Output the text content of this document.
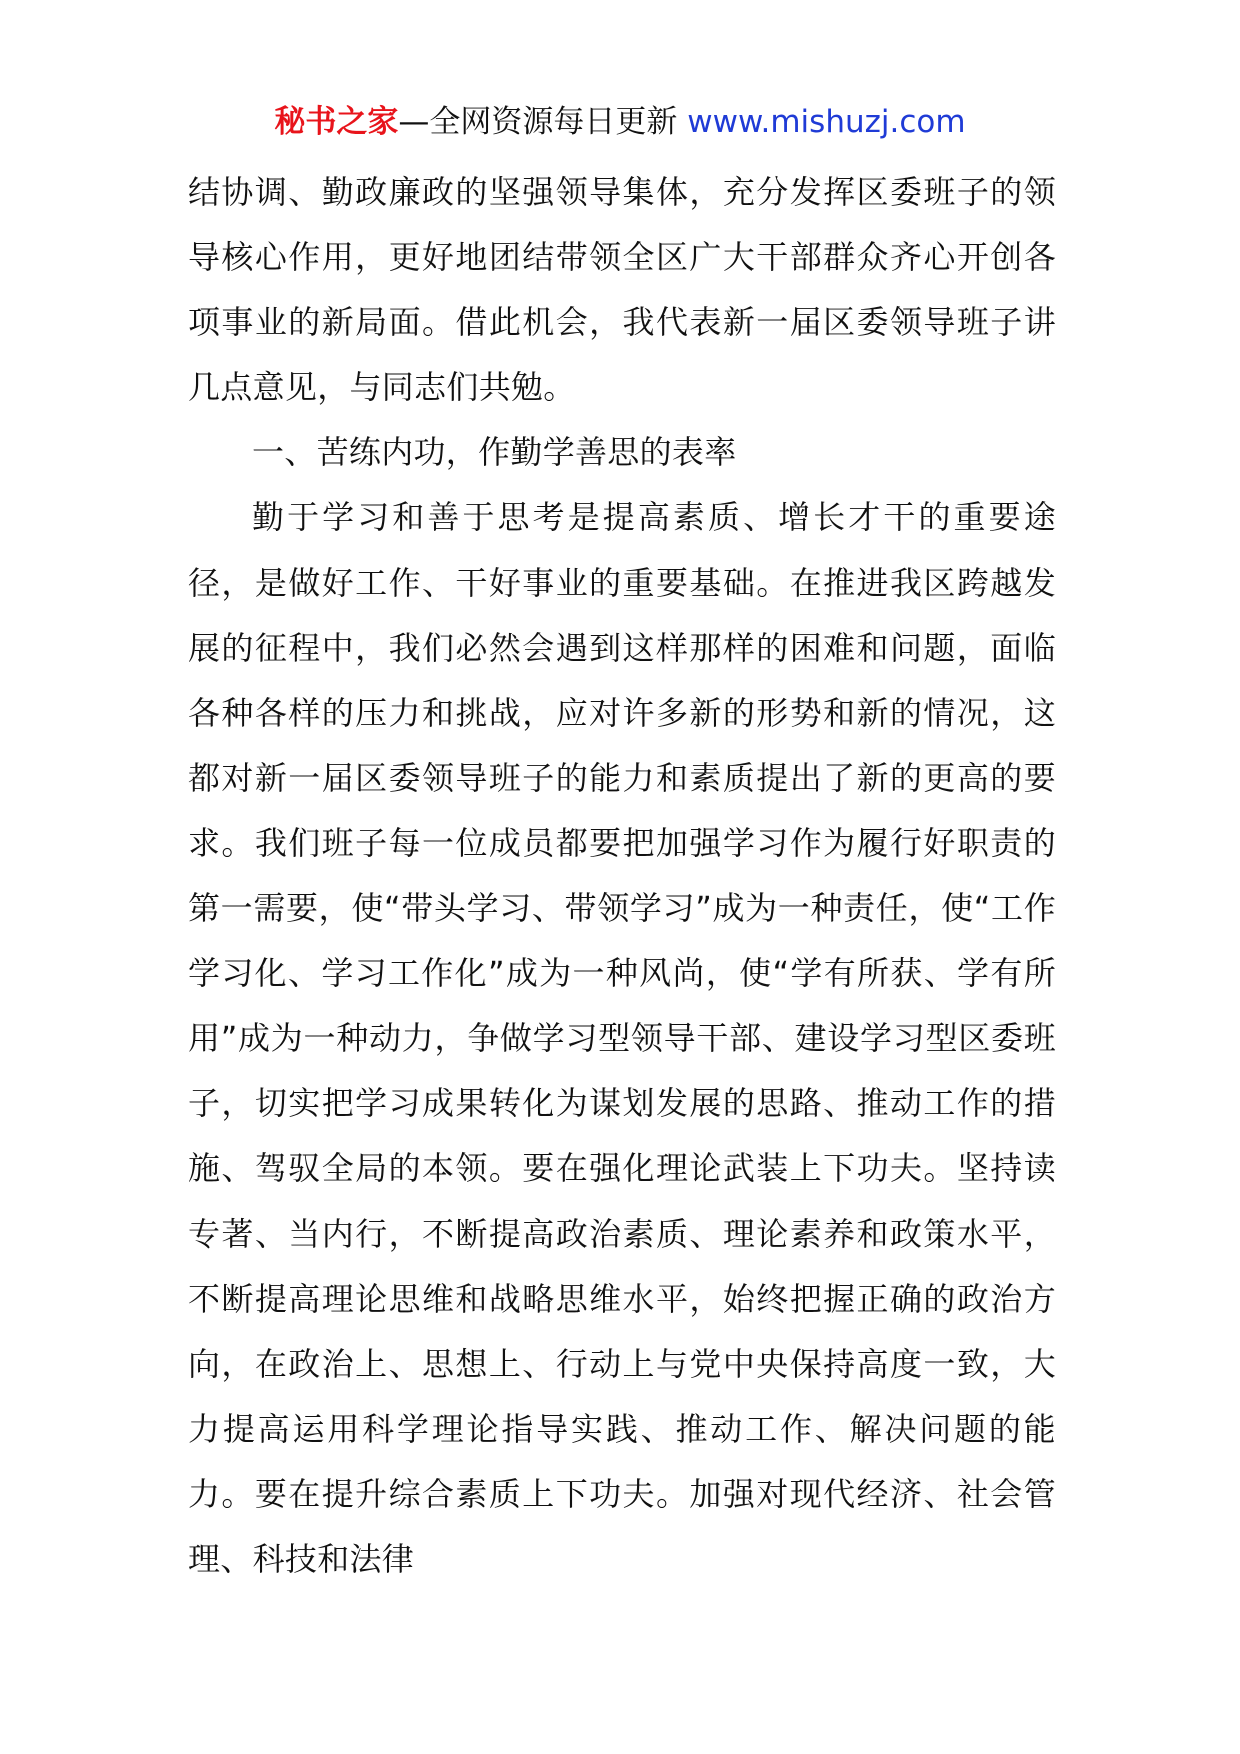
秘书之家—全网资源每日更新 www.mishuzj.com

结协调、勤政廉政的坚强领导集体，充分发挥区委班子的领导核心作用，更好地团结带领全区广大干部群众齐心开创各项事业的新局面。借此机会，我代表新一届区委领导班子讲几点意见，与同志们共勉。

一、苦练内功，作勤学善思的表率

勤于学习和善于思考是提高素质、增长才干的重要途径，是做好工作、干好事业的重要基础。在推进我区跨越发展的征程中，我们必然会遇到这样那样的困难和问题，面临各种各样的压力和挑战，应对许多新的形势和新的情况，这都对新一届区委领导班子的能力和素质提出了新的更高的要求。我们班子每一位成员都要把加强学习作为履行好职责的第一需要，使“带头学习、带领学习”成为一种责任，使“工作学习化、学习工作化”成为一种风尚，使“学有所获、学有所用”成为一种动力，争做学习型领导干部、建设学习型区委班子，切实把学习成果转化为谋划发展的思路、推动工作的措施、驾驭全局的本领。要在强化理论武装上下功夫。坚持读专著、当内行，不断提高政治素质、理论素养和政策水平，不断提高理论思维和战略思维水平，始终把握正确的政治方向，在政治上、思想上、行动上与党中央保持高度一致，大力提高运用科学理论指导实践、推动工作、解决问题的能力。要在提升综合素质上下功夫。加强对现代经济、社会管理、科技和法律
